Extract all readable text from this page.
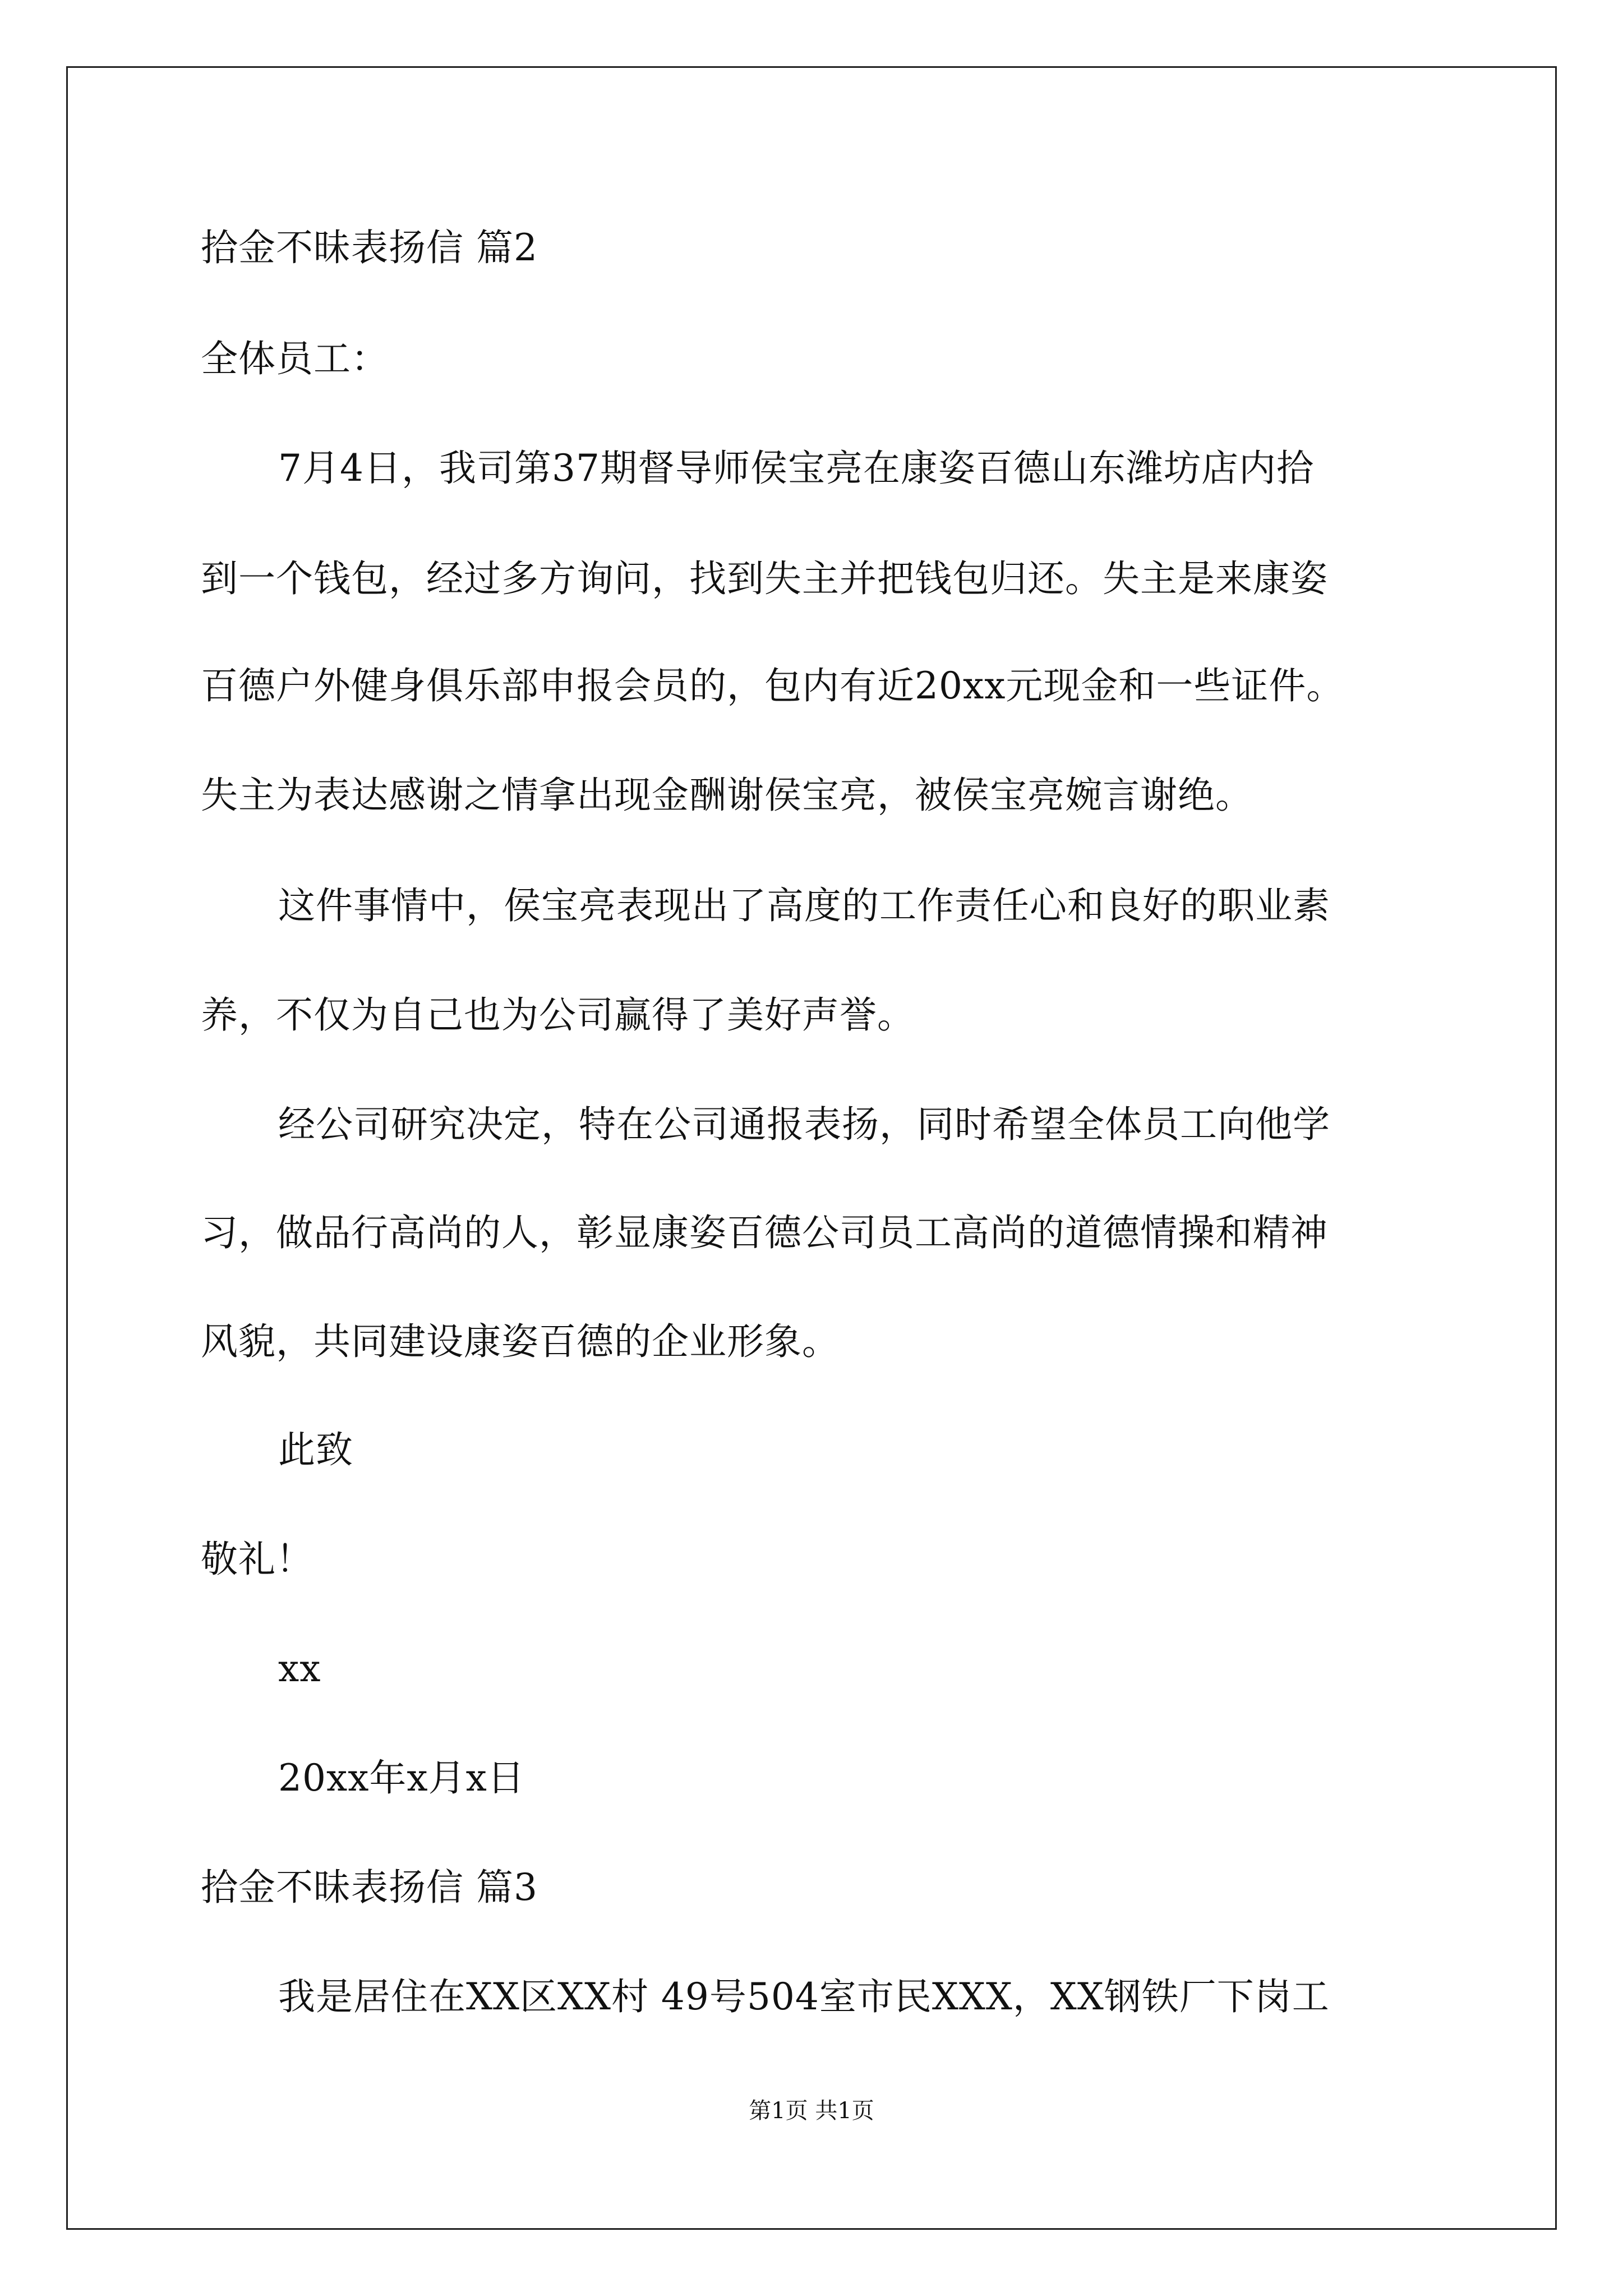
拾金不昧表扬信 篇2
全体员工：
7月4日，我司第37期督导师侯宝亮在康姿百德山东潍坊店内拾
到一个钱包，经过多方询问，找到失主并把钱包归还。失主是来康姿
百德户外健身俱乐部申报会员的，包内有近20xx元现金和一些证件。
失主为表达感谢之情拿出现金酬谢侯宝亮，被侯宝亮婉言谢绝。
这件事情中，侯宝亮表现出了高度的工作责任心和良好的职业素
养，不仅为自己也为公司赢得了美好声誉。
经公司研究决定，特在公司通报表扬，同时希望全体员工向他学
习，做品行高尚的人，彰显康姿百德公司员工高尚的道德情操和精神
风貌，共同建设康姿百德的企业形象。
此致
敬礼！
xx
20xx年x月x日
拾金不昧表扬信 篇3
我是居住在XX区XX村 49号504室市民XXX，XX钢铁厂下岗工
第1页 共1页
